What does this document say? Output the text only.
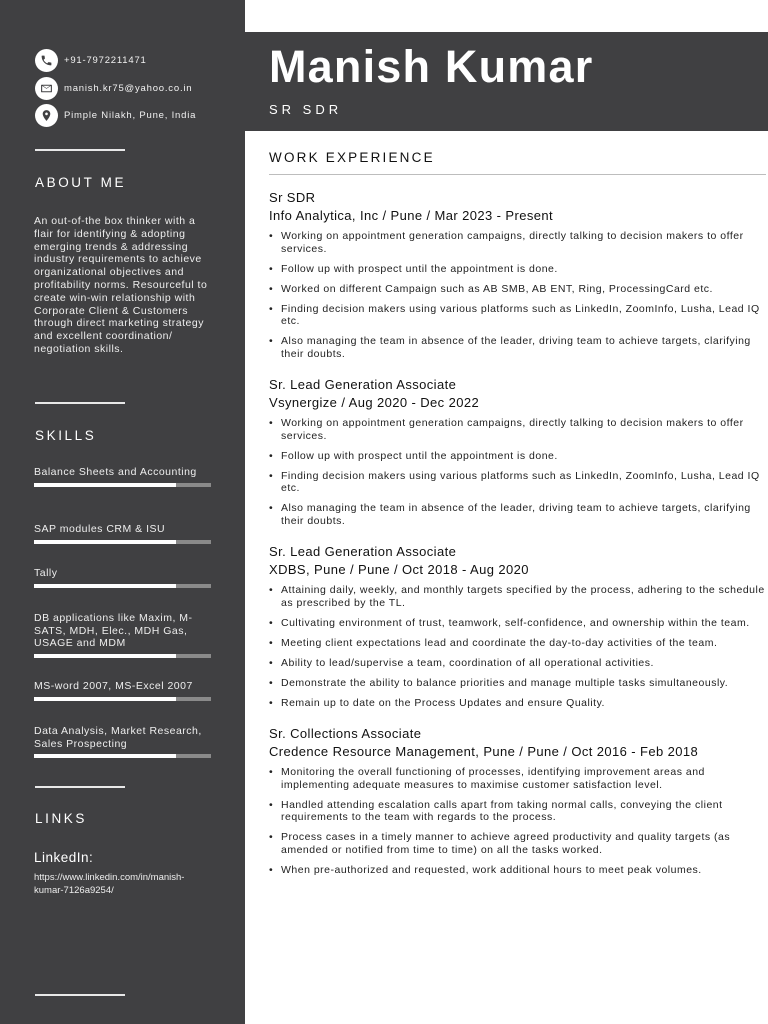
+91-7972211471
manish.kr75@yahoo.co.in
Pimple Nilakh, Pune, India
ABOUT ME
An out-of-the box thinker with a flair for identifying & adopting emerging trends & addressing industry requirements to achieve organizational objectives and profitability norms. Resourceful to create win-win relationship with Corporate Client & Customers through direct marketing strategy and excellent coordination/ negotiation skills.
SKILLS
Balance Sheets and Accounting
SAP modules CRM & ISU
Tally
DB applications like Maxim, M-SATS, MDH, Elec., MDH Gas, USAGE and MDM
MS-word 2007, MS-Excel 2007
Data Analysis, Market Research, Sales Prospecting
LINKS
LinkedIn:
https://www.linkedin.com/in/manish-kumar-7126a9254/
Manish Kumar
SR SDR
WORK EXPERIENCE
Sr SDR
Info Analytica, Inc / Pune / Mar 2023 - Present
• Working on appointment generation campaigns, directly talking to decision makers to offer services.
• Follow up with prospect until the appointment is done.
• Worked on different Campaign such as AB SMB, AB ENT, Ring, ProcessingCard etc.
• Finding decision makers using various platforms such as LinkedIn, ZoomInfo, Lusha, Lead IQ etc.
• Also managing the team in absence of the leader, driving team to achieve targets, clarifying their doubts.
Sr. Lead Generation Associate
Vsynergize / Aug 2020 - Dec 2022
• Working on appointment generation campaigns, directly talking to decision makers to offer services.
• Follow up with prospect until the appointment is done.
• Finding decision makers using various platforms such as LinkedIn, ZoomInfo, Lusha, Lead IQ etc.
• Also managing the team in absence of the leader, driving team to achieve targets, clarifying their doubts.
Sr. Lead Generation Associate
XDBS, Pune / Pune / Oct 2018 - Aug 2020
• Attaining daily, weekly, and monthly targets specified by the process, adhering to the schedule as prescribed by the TL.
• Cultivating environment of trust, teamwork, self-confidence, and ownership within the team.
• Meeting client expectations lead and coordinate the day-to-day activities of the team.
• Ability to lead/supervise a team, coordination of all operational activities.
• Demonstrate the ability to balance priorities and manage multiple tasks simultaneously.
• Remain up to date on the Process Updates and ensure Quality.
Sr. Collections Associate
Credence Resource Management, Pune / Pune / Oct 2016 - Feb 2018
• Monitoring the overall functioning of processes, identifying improvement areas and implementing adequate measures to maximise customer satisfaction level.
• Handled attending escalation calls apart from taking normal calls, conveying the client requirements to the team with regards to the process.
• Process cases in a timely manner to achieve agreed productivity and quality targets (as amended or notified from time to time) on all the tasks worked.
• When pre-authorized and requested, work additional hours to meet peak volumes.
